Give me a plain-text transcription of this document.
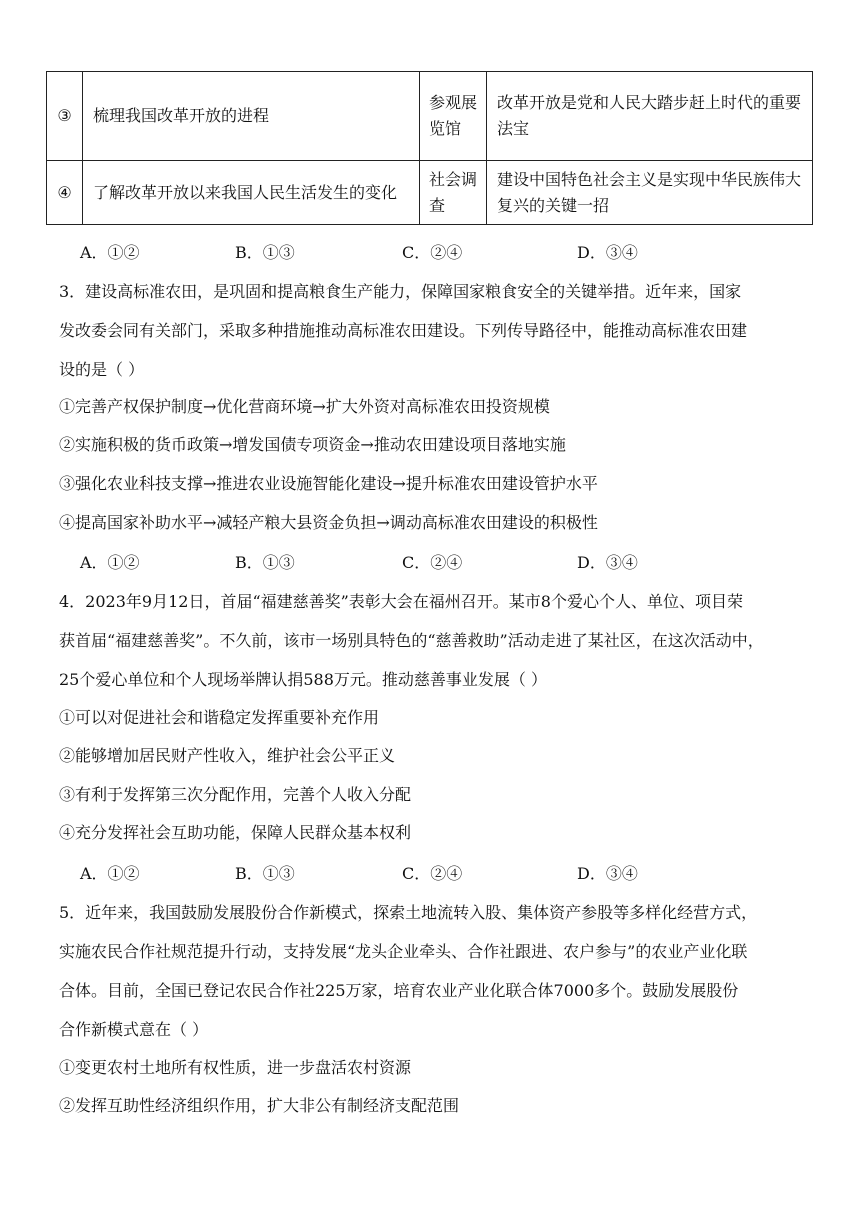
③	梳理我国改革开放的进程	参观展览馆	改革开放是党和人民大踏步赶上时代的重要法宝
④	了解改革开放以来我国人民生活发生的变化	社会调查	建设中国特色社会主义是实现中华民族伟大复兴的关键一招
A．①②	B．①③	C．②④	D．③④
3．建设高标准农田，是巩固和提高粮食生产能力，保障国家粮食安全的关键举措。近年来，国家
发改委会同有关部门，采取多种措施推动高标准农田建设。下列传导路径中，能推动高标准农田建
设的是（ ）
①完善产权保护制度→优化营商环境→扩大外资对高标准农田投资规模
②实施积极的货币政策→增发国债专项资金→推动农田建设项目落地实施
③强化农业科技支撑→推进农业设施智能化建设→提升标准农田建设管护水平
④提高国家补助水平→减轻产粮大县资金负担→调动高标准农田建设的积极性
A．①②	B．①③	C．②④	D．③④
4．2023年9月12日，首届“福建慈善奖”表彰大会在福州召开。某市8个爱心个人、单位、项目荣
获首届“福建慈善奖”。不久前，该市一场别具特色的“慈善救助”活动走进了某社区，在这次活动中，
25个爱心单位和个人现场举牌认捐588万元。推动慈善事业发展（ ）
①可以对促进社会和谐稳定发挥重要补充作用
②能够增加居民财产性收入，维护社会公平正义
③有利于发挥第三次分配作用，完善个人收入分配
④充分发挥社会互助功能，保障人民群众基本权利
A．①②	B．①③	C．②④	D．③④
5．近年来，我国鼓励发展股份合作新模式，探索土地流转入股、集体资产参股等多样化经营方式，
实施农民合作社规范提升行动，支持发展“龙头企业牵头、合作社跟进、农户参与”的农业产业化联
合体。目前，全国已登记农民合作社225万家，培育农业产业化联合体7000多个。鼓励发展股份
合作新模式意在（ ）
①变更农村土地所有权性质，进一步盘活农村资源
②发挥互助性经济组织作用，扩大非公有制经济支配范围
